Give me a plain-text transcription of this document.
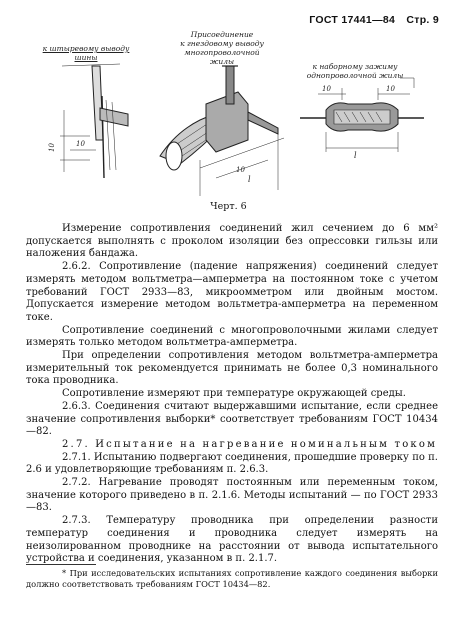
ГОСТ 17441—84 Стр. 9
к штыревому выводу шины
Присоединение
к гнездовому выводу
многопроволочной жилы
к наборному зажиму
однопроволочной жилы
10	10
10
l
10	10
l
Черт. 6

Измерение сопротивления соединений жил сечением до 6 мм² допускается выполнять с проколом изоляции без опрессовки гильзы или наложения бандажа.

2.6.2. Сопротивление (падение напряжения) соединений следует измерять методом вольтметра—амперметра на постоянном токе с учетом требований ГОСТ 2933—83, микроомметром или двойным мостом. Допускается измерение методом вольтметра-амперметра на переменном токе.

Сопротивление соединений с многопроволочными жилами следует измерять только методом вольтметра-амперметра.

При определении сопротивления методом вольтметра-амперметра измерительный ток рекомендуется принимать не более 0,3 номинального тока проводника.

Сопротивление измеряют при температуре окружающей среды.

2.6.3. Соединения считают выдержавшими испытание, если среднее значение сопротивления выборки* соответствует требованиям ГОСТ 10434—82.

2.7. Испытание на нагревание номинальным током

2.7.1. Испытанию подвергают соединения, прошедшие проверку по п. 2.6 и удовлетворяющие требованиям п. 2.6.3.

2.7.2. Нагревание проводят постоянным или переменным током, значение которого приведено в п. 2.1.6. Методы испытаний — по ГОСТ 2933—83.

2.7.3. Температуру проводника при определении разности температур соединения и проводника следует измерять на неизолированном проводнике на расстоянии от вывода испытательного устройства и соединения, указанном в п. 2.1.7.

* При исследовательских испытаниях сопротивление каждого соединения выборки должно соответствовать требованиям ГОСТ 10434—82.
